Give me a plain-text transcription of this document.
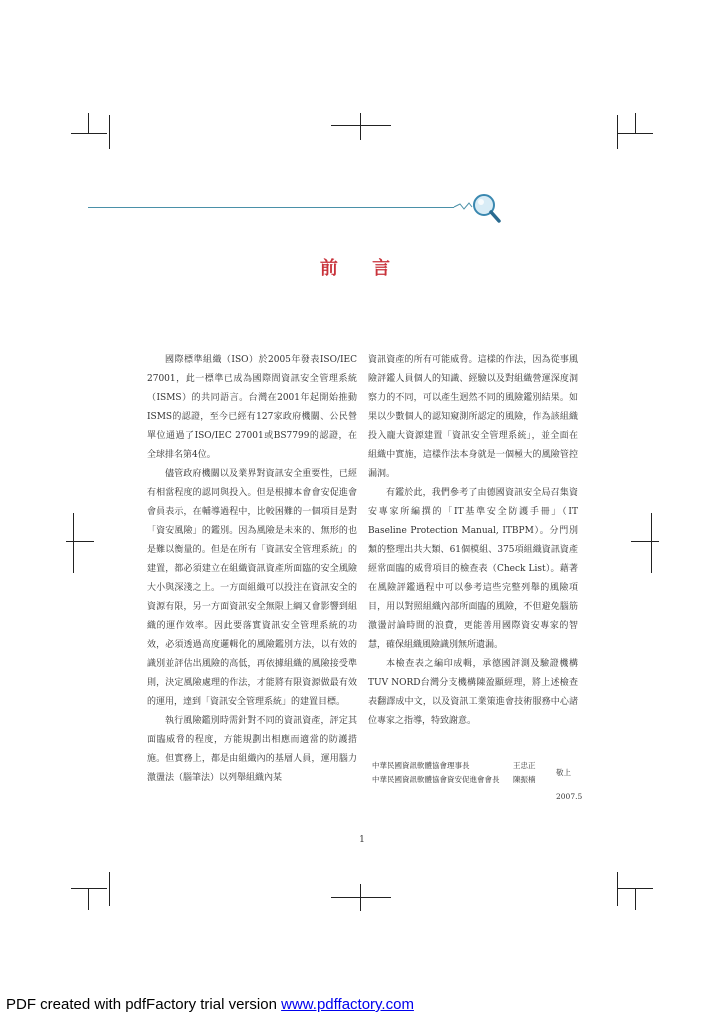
前 言

國際標準組織（ISO）於2005年發表ISO/IEC 27001，此一標準已成為國際間資訊安全管理系統（ISMS）的共同語言。台灣在2001年起開始推動ISMS的認證，至今已經有127家政府機關、公民營單位通過了ISO/IEC 27001或BS7799的認證，在全球排名第4位。

儘管政府機關以及業界對資訊安全重要性，已經有相當程度的認同與投入。但是根據本會會安促進會會員表示，在輔導過程中，比較困難的一個項目是對「資安風險」的鑑別。因為風險是未來的、無形的也是難以衡量的。但是在所有「資訊安全管理系統」的建置，都必須建立在組織資訊資產所面臨的安全風險大小與深淺之上。一方面組織可以投注在資訊安全的資源有限，另一方面資訊安全無限上綱又會影響到組織的運作效率。因此要落實資訊安全管理系統的功效，必須透過高度邏輯化的風險鑑別方法，以有效的識別並評估出風險的高低，再依據組織的風險接受準則，決定風險處理的作法，才能將有限資源做最有效的運用，達到「資訊安全管理系統」的建置目標。

執行風險鑑別時需針對不同的資訊資產，評定其面臨威脅的程度，方能規劃出相應而適當的防護措施。但實務上，都是由組織內的基層人員，運用腦力激盪法（腦筆法）以列舉組織內某

資訊資產的所有可能威脅。這樣的作法，因為從事風險評鑑人員個人的知識、經驗以及對組織營運深度洞察力的不同，可以產生迥然不同的風險鑑別結果。如果以少數個人的認知窺測所認定的風險，作為該組織投入龐大資源建置「資訊安全管理系統」，並全面在組織中實施，這樣作法本身就是一個極大的風險管控漏洞。

有鑑於此，我們參考了由德國資訊安全局召集資安專家所編撰的「IT基準安全防護手冊」（IT Baseline Protection Manual, ITBPM）。分門別類的整理出共大類、61個模組、375項組織資訊資產經常面臨的威脅項目的檢查表（Check List）。藉著在風險評鑑過程中可以參考這些完整列舉的風險項目，用以對照組織內部所面臨的風險，不但避免腦筋激盪討論時間的浪費，更能善用國際資安專家的智慧，確保組織風險識別無所遺漏。

本檢查表之編印成輯，承德國評測及驗證機構TUV NORD台灣分支機構陳盈顯經理，將上述檢查表翻譯成中文，以及資訊工業策進會技術服務中心諸位專家之指導，特致謝意。

中華民國資訊軟體協會理事長	王忠正
中華民國資訊軟體協會資安促進會會長 陳振楠
敬上
2007.5
1
PDF created with pdfFactory trial version www.pdffactory.com
